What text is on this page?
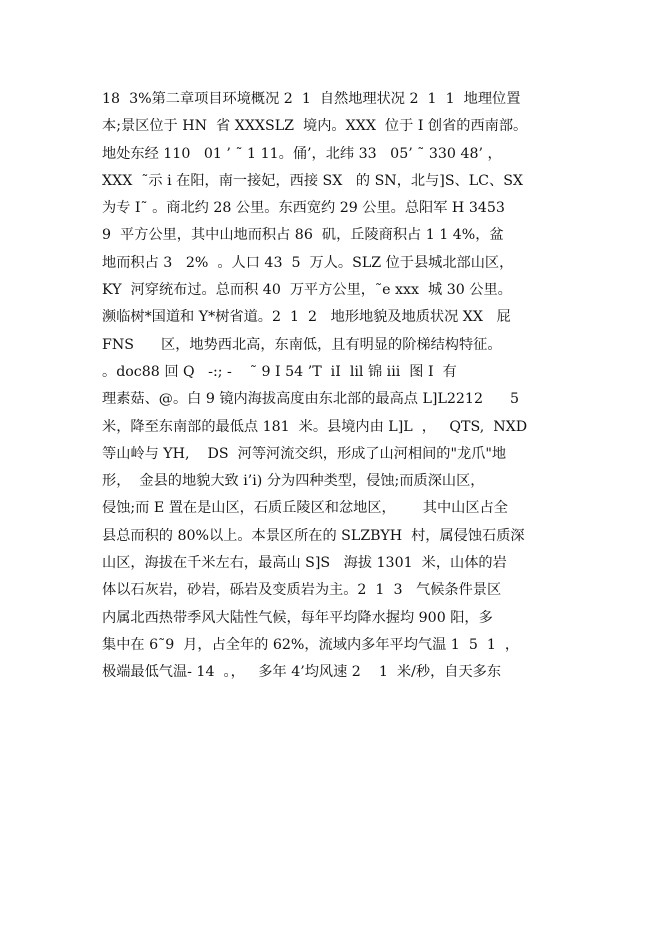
18  3%第二章项目环境概况 2  1  自然地理状况 2  1  1  地理位置
本;景区位于 HN  省 XXXSLZ  境内。XXX  位于 I 创省的西南部。
地处东经 110   01 ’ ˜ 1 11。俑’，北纬 33   05’ ˜ 330 48’ ，
XXX  ˜示 i 在阳，南一接妃，西接 SX   的 SN，北与]S、LC、SX
为专 I˜ 。商北约 28 公里。东西宽约 29 公里。总阳军 H 3453
9  平方公里，其中山地而积占 86  矶，丘陵商积占 1 1 4%，盆
地而积占 3   2%  。人口 43  5  万人。SLZ 位于县城北部山区，
KY  河穿统布过。总而积 40  万平方公里，˜e xxx  城 30 公里。
濒临树*国道和 Y*树省道。2  1  2   地形地貌及地质状况 XX   屁
FNS      区，地势西北高，东南低，且有明显的阶梯结构特征。
。doc88 回 Q   -:; -    ˜ 9 Ι 54 ’T  iI  lil 锦 iii  图 I  有
理素菇、@。白 9 镜内海拔高度由东北部的最高点 L]L2212      5
米，降至东南部的最低点 181  米。县境内由 L]L  ，   QTS,  NXD
等山岭与 YH,    DS  河等河流交织，形成了山河相间的"龙爪"地
形，  金县的地貌大致 i’i) 分为四种类型，侵蚀;而质深山区，
侵蚀;而 E 置在是山区，石质丘陵区和忿地区，      其中山区占全
县总而积的 80%以上。本景区所在的 SLZBYH  村，属侵蚀石质深
山区，海拔在千米左右，最高山 S]S   海拔 1301  米，山体的岩
体以石灰岩，砂岩，砾岩及变质岩为主。2  1  3   气候条件景区
内属北西热带季风大陆性气候，每年平均降水握均 900 阳，多
集中在 6˜9  月，占全年的 62%，流域内多年平均气温 1  5  1  ，
极端最低气温- 14  。，   多年 4’均风速 2    1  米/秒，自天多东
